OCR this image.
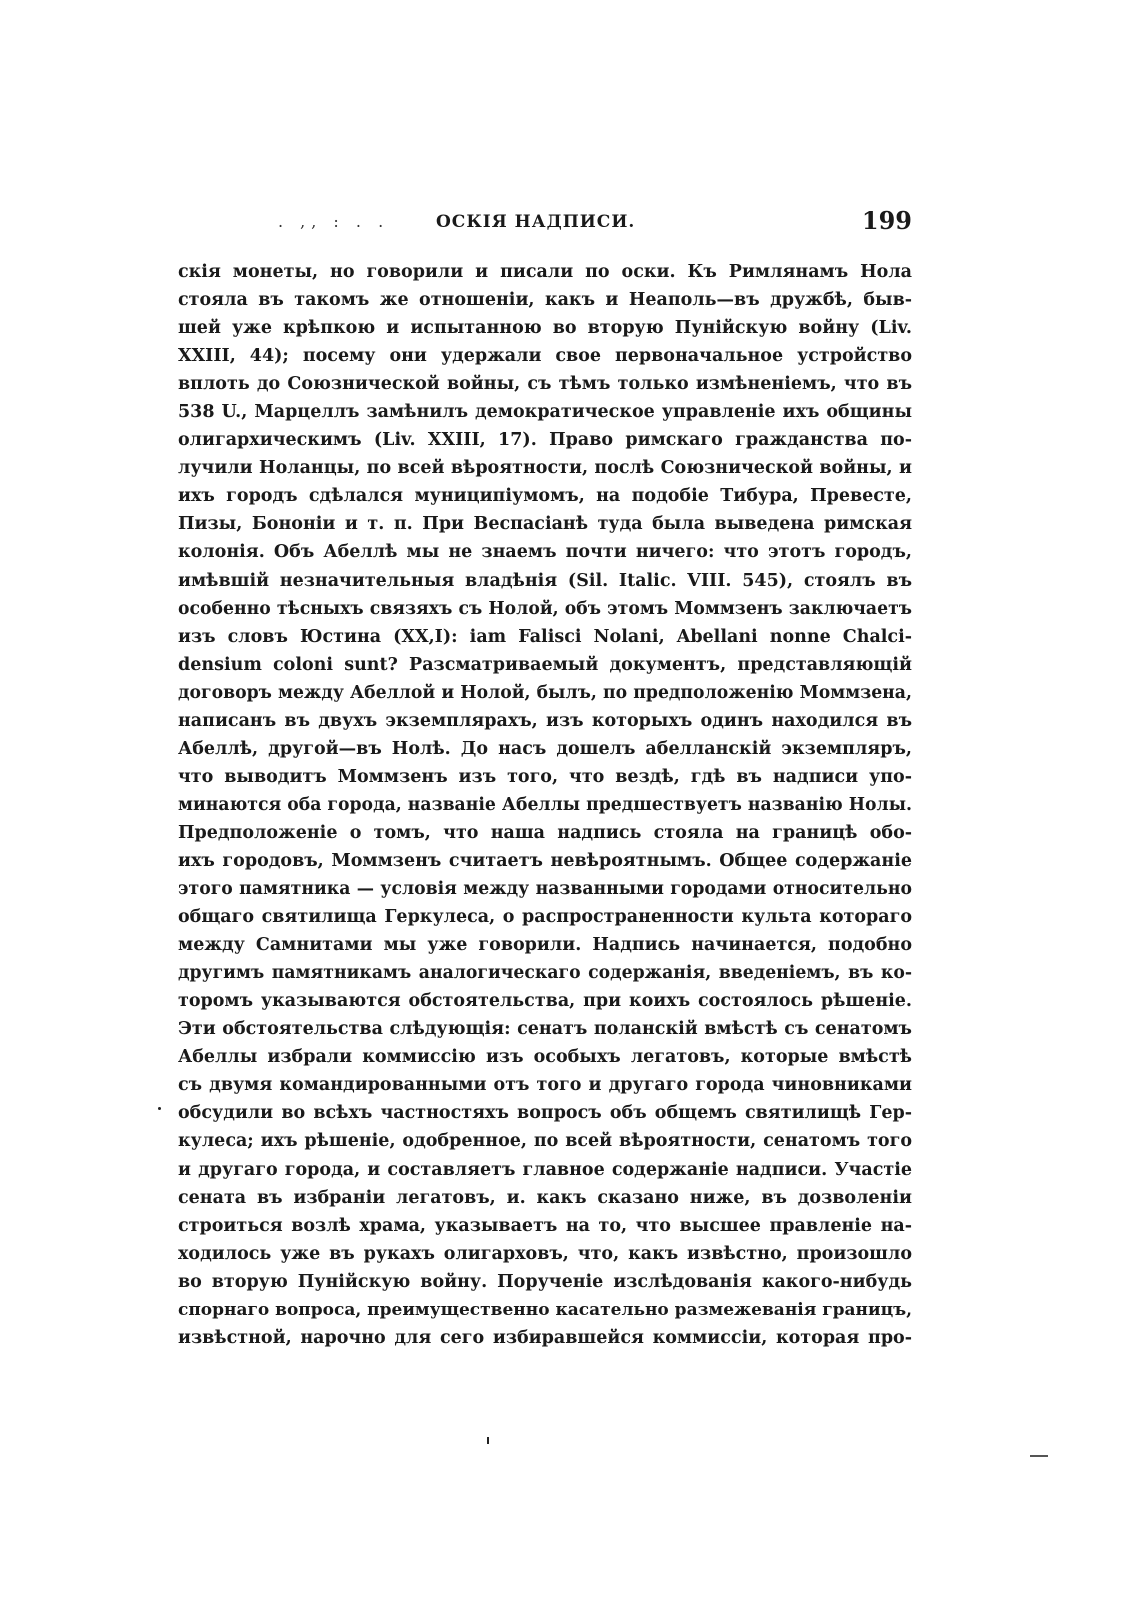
. ,, : . .	ОСКІЯ НАДПИСИ.	199
скія монеты, но говорили и писали по оски. Къ Римлянамъ Нола
стояла въ такомъ же отношеніи, какъ и Неаполь—въ дружбѣ, быв-
шей уже крѣпкою и испытанною во вторую Пунійскую войну (Liv.
XXIII, 44); посему они удержали свое первоначальное устройство
вплоть до Союзнической войны, съ тѣмъ только измѣненіемъ, что въ
538 U., Марцеллъ замѣнилъ демократическое управленіе ихъ общины
олигархическимъ (Liv. XXIII, 17). Право римскаго гражданства по-
лучили Ноланцы, по всей вѣроятности, послѣ Союзнической войны, и
ихъ городъ сдѣлался муниципіумомъ, на подобіе Тибура, Превесте,
Пизы, Бононіи и т. п. При Веспасіанѣ туда была выведена римская
колонія. Объ Абеллѣ мы не знаемъ почти ничего: что этотъ городъ,
имѣвшій незначительныя владѣнія (Sil. Italic. VIII. 545), стоялъ въ
особенно тѣсныхъ связяхъ съ Нолой, объ этомъ Моммзенъ заключаетъ
изъ словъ Юстина (XX,I): iam Falisci Nolani, Abellani nonne Chalci-
densium coloni sunt? Разсматриваемый документъ, представляющій
договоръ между Абеллой и Нолой, былъ, по предположенію Моммзена,
написанъ въ двухъ экземплярахъ, изъ которыхъ одинъ находился въ
Абеллѣ, другой—въ Нолѣ. До насъ дошелъ абелланскій экземпляръ,
что выводитъ Моммзенъ изъ того, что вездѣ, гдѣ въ надписи упо-
минаются оба города, названіе Абеллы предшествуетъ названію Нолы.
Предположеніе о томъ, что наша надпись стояла на границѣ обо-
ихъ городовъ, Моммзенъ считаетъ невѣроятнымъ. Общее содержаніе
этого памятника — условія между названными городами относительно
общаго святилища Геркулеса, о распространенности культа котораго
между Самнитами мы уже говорили. Надпись начинается, подобно
другимъ памятникамъ аналогическаго содержанія, введеніемъ, въ ко-
торомъ указываются обстоятельства, при коихъ состоялось рѣшеніе.
Эти обстоятельства слѣдующія: сенатъ поланскій вмѣстѣ съ сенатомъ
Абеллы избрали коммиссію изъ особыхъ легатовъ, которые вмѣстѣ
съ двумя командированными отъ того и другаго города чиновниками
обсудили во всѣхъ частностяхъ вопросъ объ общемъ святилищѣ Гер-
кулеса; ихъ рѣшеніе, одобренное, по всей вѣроятности, сенатомъ того
и другаго города, и составляетъ главное содержаніе надписи. Участіе
сената въ избраніи легатовъ, и. какъ сказано ниже, въ дозволеніи
строиться возлѣ храма, указываетъ на то, что высшее правленіе на-
ходилось уже въ рукахъ олигарховъ, что, какъ извѣстно, произошло
во вторую Пунійскую войну. Порученіе изслѣдованія какого-нибудь
спорнаго вопроса, преимущественно касательно размежеванія границъ,
извѣстной, нарочно для сего избиравшейся коммиссіи, которая про-
